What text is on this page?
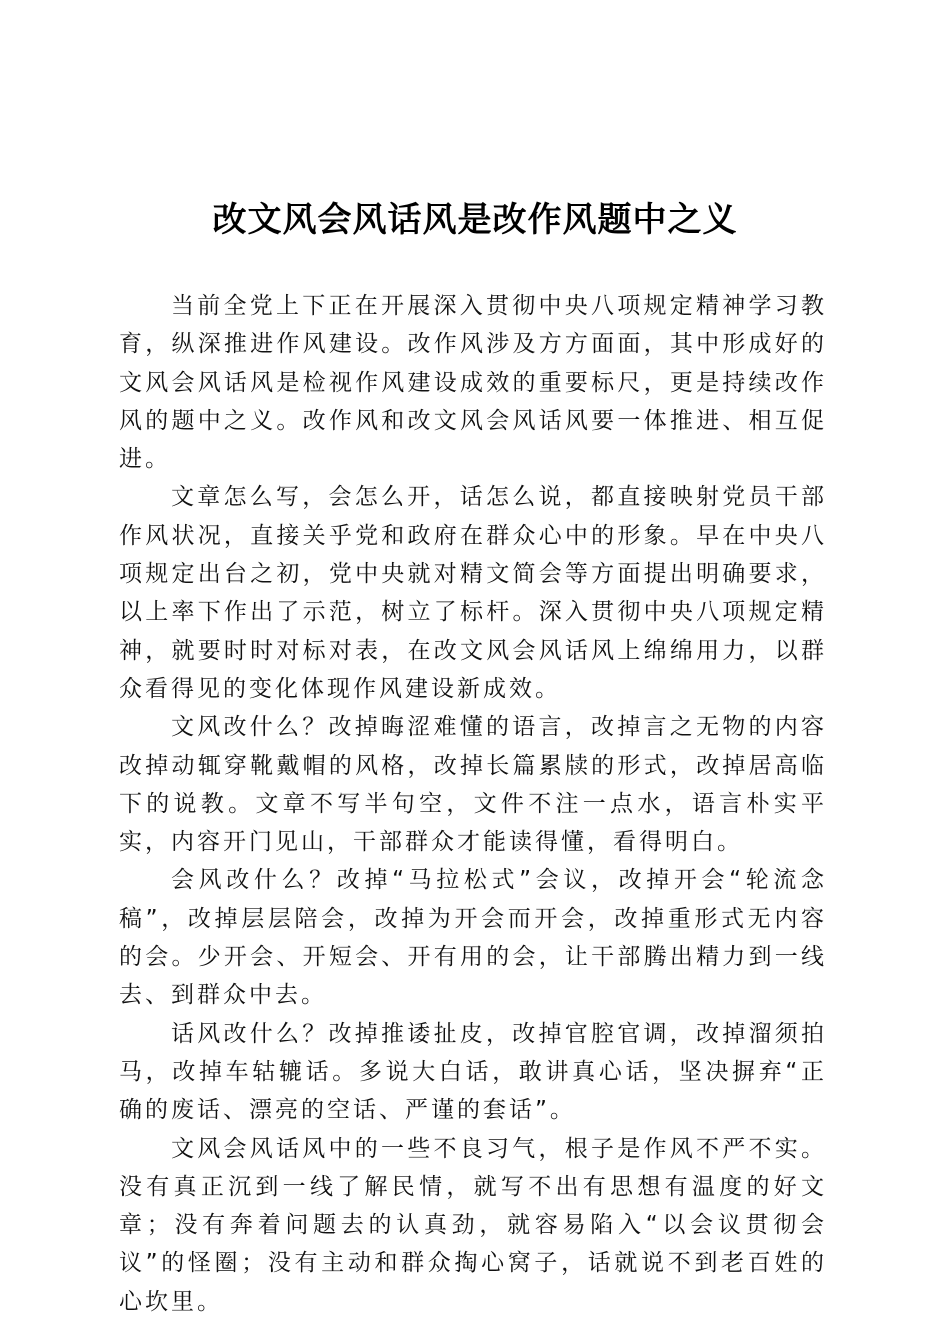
改文风会风话风是改作风题中之义

当前全党上下正在开展深入贯彻中央八项规定精神学习教育，纵深推进作风建设。改作风涉及方方面面，其中形成好的文风会风话风是检视作风建设成效的重要标尺，更是持续改作风的题中之义。改作风和改文风会风话风要一体推进、相互促进。

文章怎么写，会怎么开，话怎么说，都直接映射党员干部作风状况，直接关乎党和政府在群众心中的形象。早在中央八项规定出台之初，党中央就对精文简会等方面提出明确要求，以上率下作出了示范，树立了标杆。深入贯彻中央八项规定精神，就要时时对标对表，在改文风会风话风上绵绵用力，以群众看得见的变化体现作风建设新成效。

文风改什么？改掉晦涩难懂的语言，改掉言之无物的内容改掉动辄穿靴戴帽的风格，改掉长篇累牍的形式，改掉居高临下的说教。文章不写半句空，文件不注一点水，语言朴实平实，内容开门见山，干部群众才能读得懂，看得明白。

会风改什么？改掉“马拉松式”会议，改掉开会“轮流念稿”，改掉层层陪会，改掉为开会而开会，改掉重形式无内容的会。少开会、开短会、开有用的会，让干部腾出精力到一线去、到群众中去。

话风改什么？改掉推诿扯皮，改掉官腔官调，改掉溜须拍马，改掉车轱辘话。多说大白话，敢讲真心话，坚决摒弃“正确的废话、漂亮的空话、严谨的套话”。

文风会风话风中的一些不良习气，根子是作风不严不实。没有真正沉到一线了解民情，就写不出有思想有温度的好文章；没有奔着问题去的认真劲，就容易陷入“以会议贯彻会议”的怪圈；没有主动和群众掏心窝子，话就说不到老百姓的心坎里。
